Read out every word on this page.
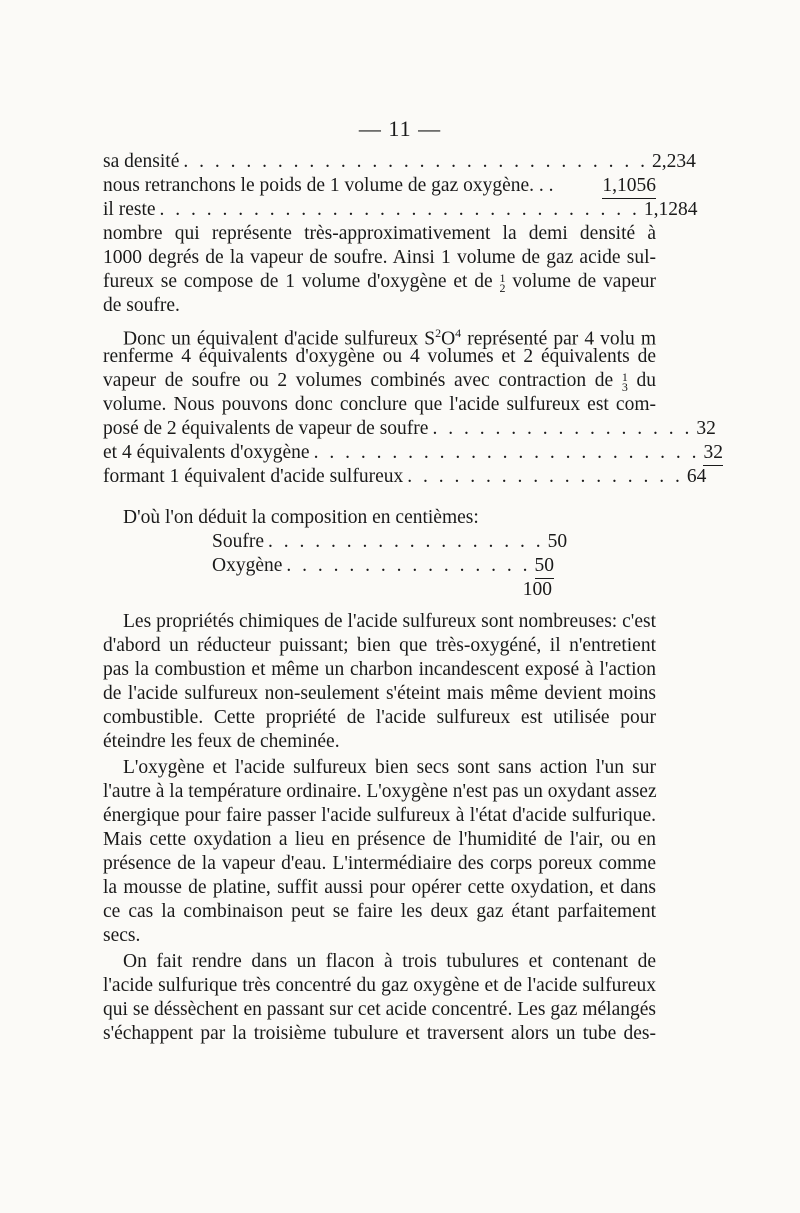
— 11 —
sa densité . . . . . . . . . . . . . . . . . . . . . . . . . . . . . . 2,234
nous retranchons le poids de 1 volume de gaz oxygène. . .	1,1056
il reste . . . . . . . . . . . . . . . . . . . . . . . . . . . . . . . 1,1284
nombre qui représente très-approximativement la demi densité à
1000 degrés de la vapeur de soufre. Ainsi 1 volume de gaz acide sul-
fureux se compose de 1 volume d'oxygène et de 1
2 volume de vapeur
de soufre.
Donc un équivalent d'acide sulfureux $S^2O^4$ représenté par 4 volu m
renferme 4 équivalents d'oxygène ou 4 volumes et 2 équivalents de
vapeur de soufre ou 2 volumes combinés avec contraction de 1
3 du
volume. Nous pouvons donc conclure que l'acide sulfureux est com-
posé de 2 équivalents de vapeur de soufre . . . . . . . . . . . . . . . . . 32
et 4 équivalents d'oxygène . . . . . . . . . . . . . . . . . . . . . . . . . 32
formant 1 équivalent d'acide sulfureux . . . . . . . . . . . . . . . . . . 64
D'où l'on déduit la composition en centièmes:
Soufre . . . . . . . . . . . . . . . . . . 50
Oxygène . . . . . . . . . . . . . . . . 50
100
Les propriétés chimiques de l'acide sulfureux sont nombreuses: c'est
d'abord un réducteur puissant; bien que très-oxygéné, il n'entretient
pas la combustion et même un charbon incandescent exposé à l'action
de l'acide sulfureux non-seulement s'éteint mais même devient moins
combustible. Cette propriété de l'acide sulfureux est utilisée pour
éteindre les feux de cheminée.
L'oxygène et l'acide sulfureux bien secs sont sans action l'un sur
l'autre à la température ordinaire. L'oxygène n'est pas un oxydant assez
énergique pour faire passer l'acide sulfureux à l'état d'acide sulfurique.
Mais cette oxydation a lieu en présence de l'humidité de l'air, ou en
présence de la vapeur d'eau. L'intermédiaire des corps poreux comme
la mousse de platine, suffit aussi pour opérer cette oxydation, et dans
ce cas la combinaison peut se faire les deux gaz étant parfaitement
secs.
On fait rendre dans un flacon à trois tubulures et contenant de
l'acide sulfurique très concentré du gaz oxygène et de l'acide sulfureux
qui se déssèchent en passant sur cet acide concentré. Les gaz mélangés
s'échappent par la troisième tubulure et traversent alors un tube des-
